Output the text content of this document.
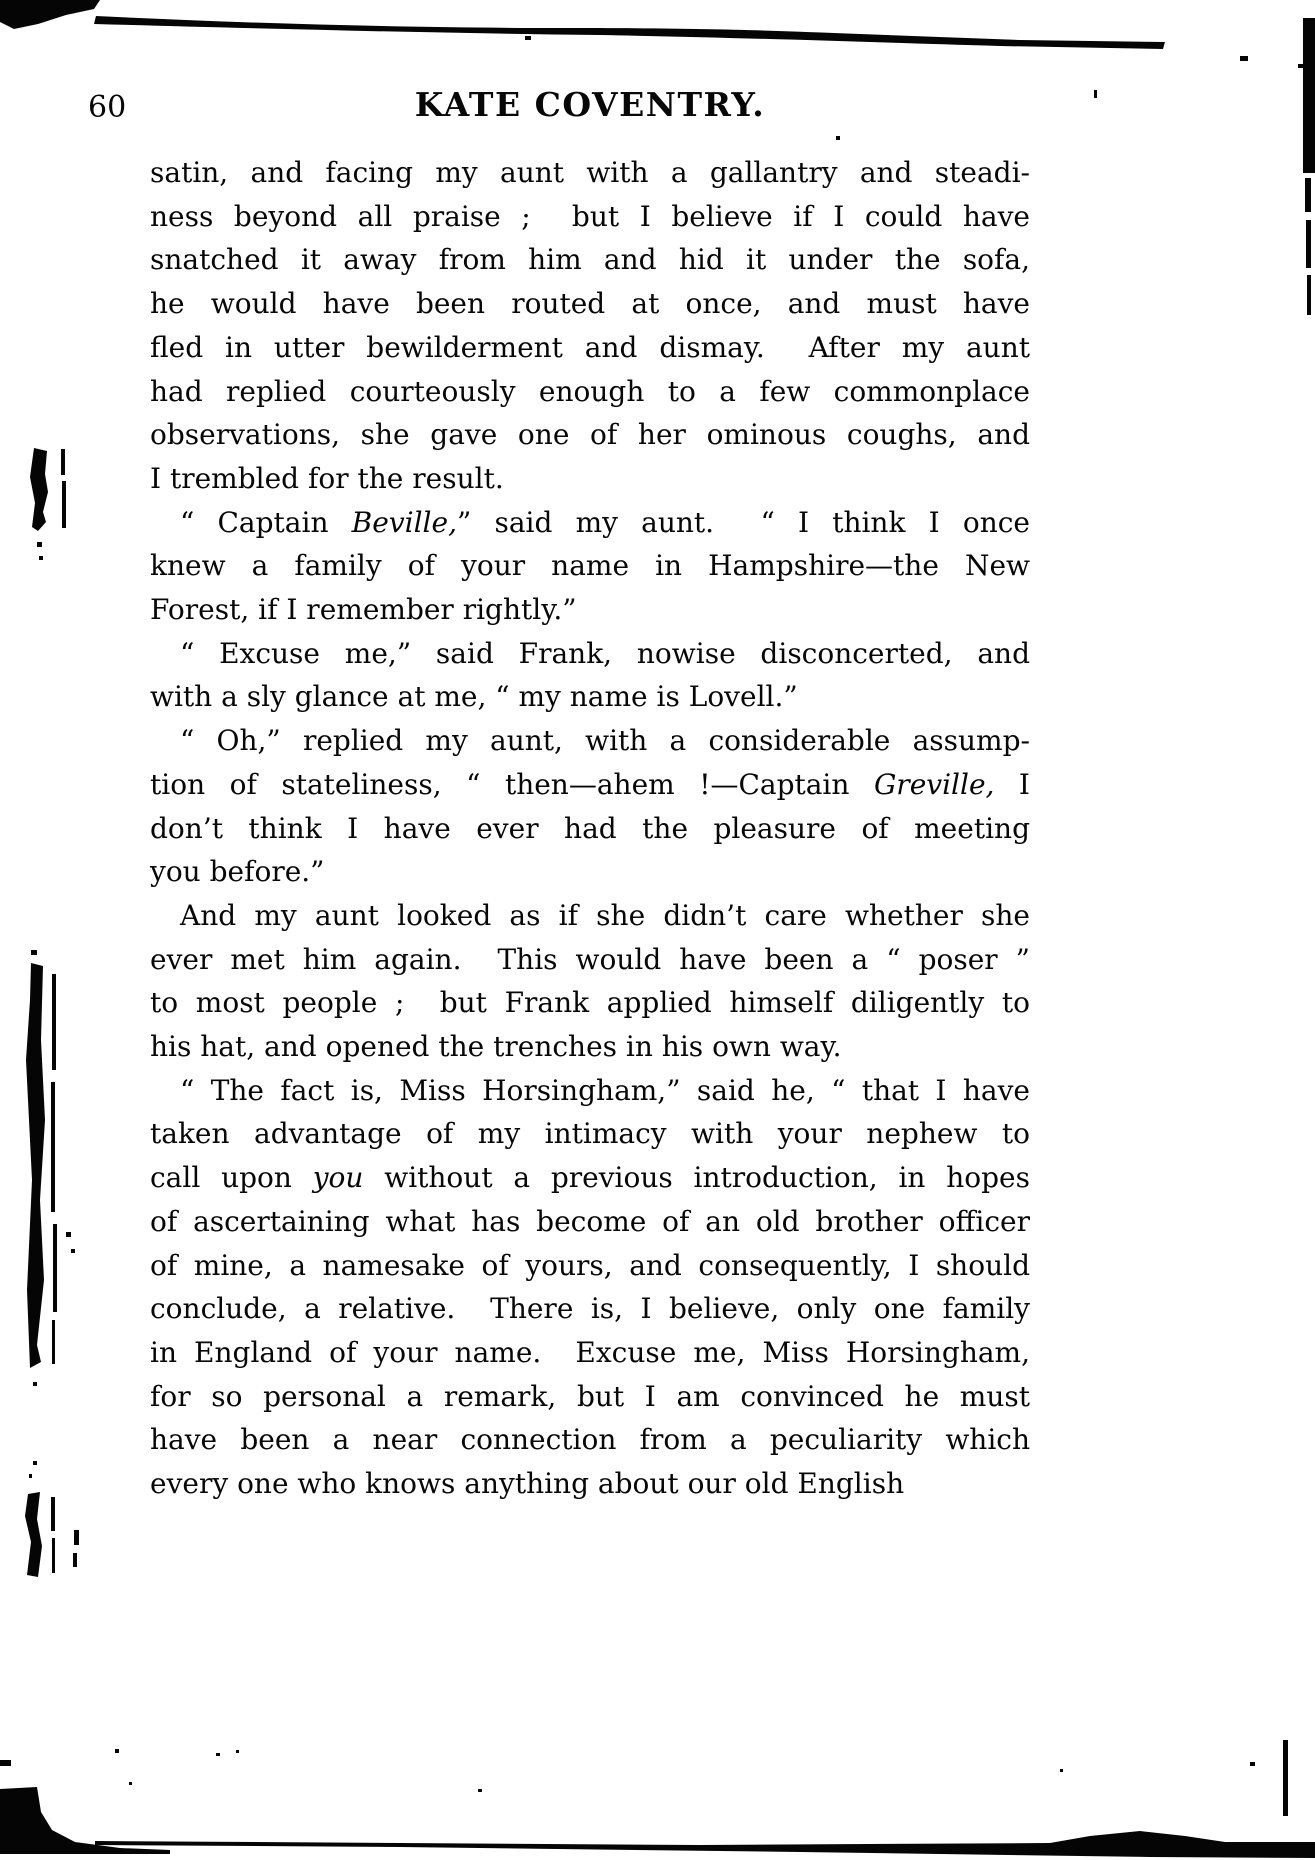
60	KATE COVENTRY.
satin, and facing my aunt with a gallantry and steadi-
ness beyond all praise ;  but I believe if I could have
snatched it away from him and hid it under the sofa,
he would have been routed at once, and must have
fled in utter bewilderment and dismay.  After my aunt
had replied courteously enough to a few commonplace
observations, she gave one of her ominous coughs, and
I trembled for the result.
“ Captain Beville,” said my aunt.  “ I think I once
knew a family of your name in Hampshire—the New
Forest, if I remember rightly.”
“ Excuse me,” said Frank, nowise disconcerted, and
with a sly glance at me, “ my name is Lovell.”
“ Oh,” replied my aunt, with a considerable assump-
tion of stateliness, “ then—ahem !—Captain Greville, I
don’t think I have ever had the pleasure of meeting
you before.”
And my aunt looked as if she didn’t care whether she
ever met him again.  This would have been a “ poser ”
to most people ;  but Frank applied himself diligently to
his hat, and opened the trenches in his own way.
“ The fact is, Miss Horsingham,” said he, “ that I have
taken advantage of my intimacy with your nephew to
call upon you without a previous introduction, in hopes
of ascertaining what has become of an old brother officer
of mine, a namesake of yours, and consequently, I should
conclude, a relative.  There is, I believe, only one family
in England of your name.  Excuse me, Miss Horsingham,
for so personal a remark, but I am convinced he must
have been a near connection from a peculiarity which
every one who knows anything about our old English
